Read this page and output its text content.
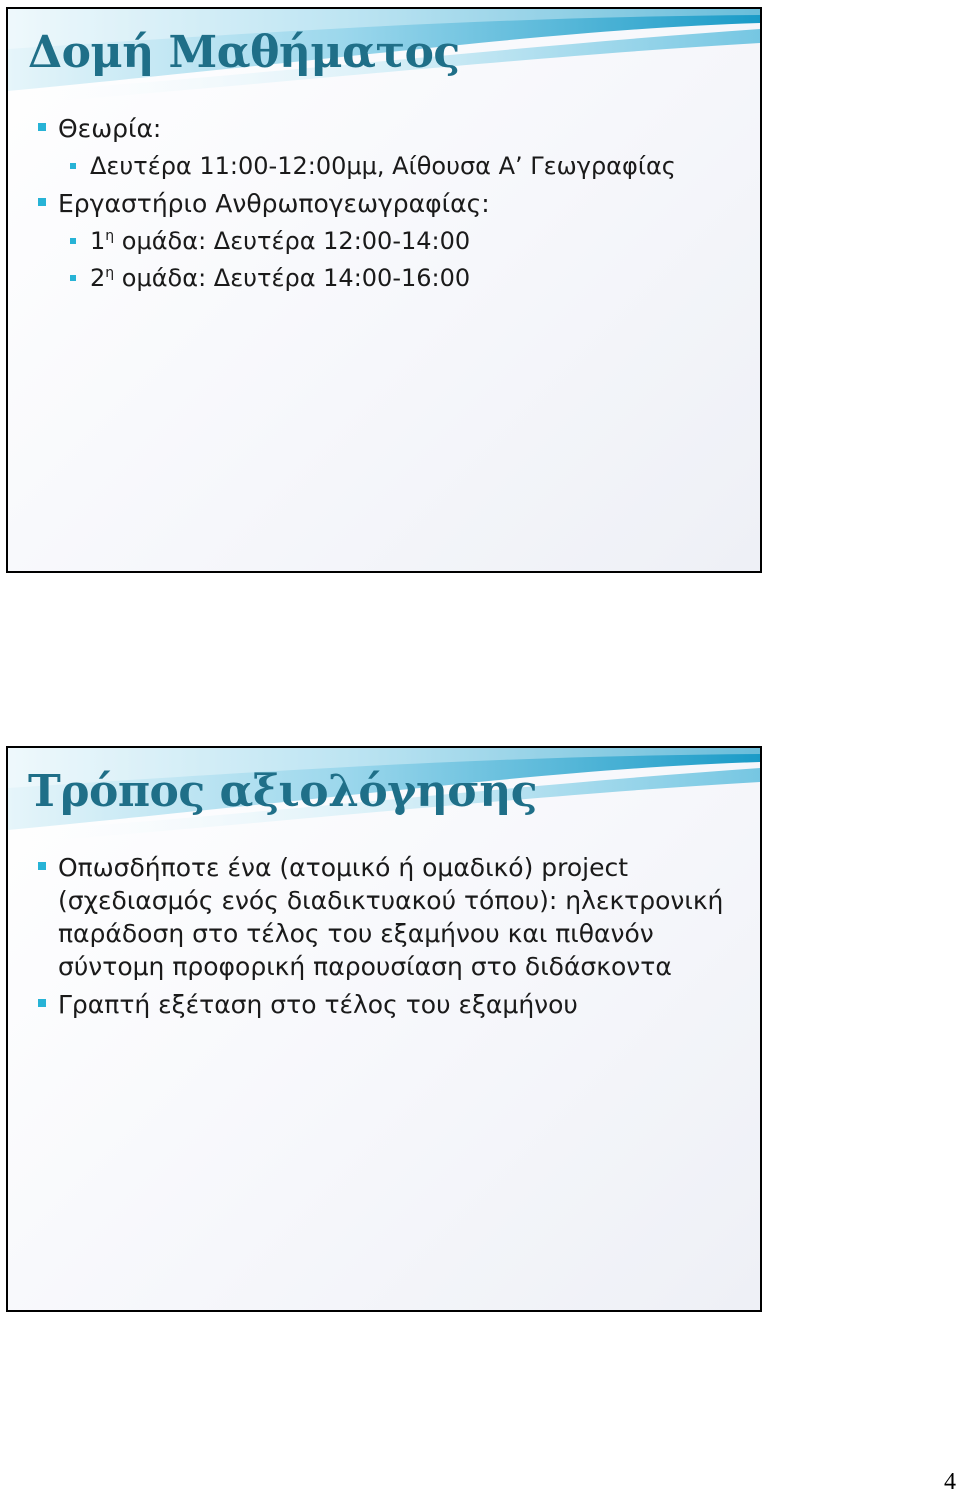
Δομή Μαθήματος

Θεωρία:

Δευτέρα 11:00-12:00μμ, Αίθουσα Α’ Γεωγραφίας

Εργαστήριο Ανθρωπογεωγραφίας:

$1^\eta$ ομάδα: Δευτέρα 12:00-14:00

$2^\eta$ ομάδα: Δευτέρα 14:00-16:00

Τρόπος αξιολόγησης

Οπωσδήποτε ένα (ατομικό ή ομαδικό) project (σχεδιασμός ενός διαδικτυακού τόπου): ηλεκτρονική παράδοση στο τέλος του εξαμήνου και πιθανόν σύντομη προφορική παρουσίαση στο διδάσκοντα

Γραπτή εξέταση στο τέλος του εξαμήνου

4
